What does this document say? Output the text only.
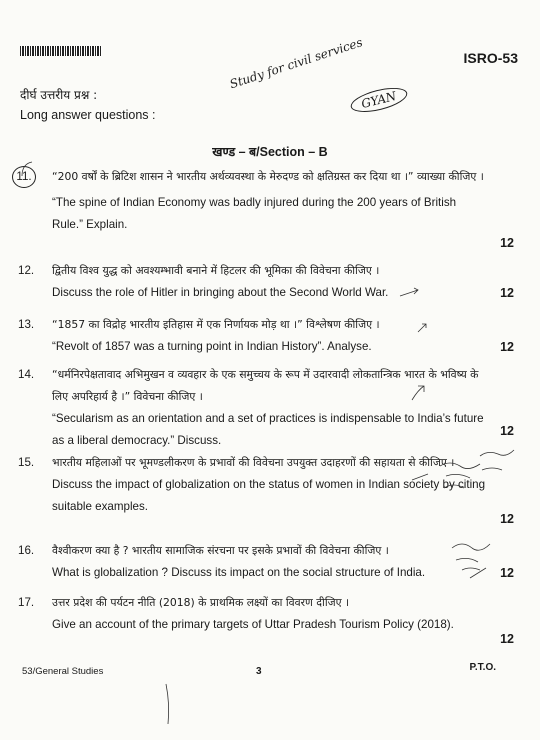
ISRO-53
दीर्घ उत्तरीय प्रश्न :
Long answer questions :
Study for civil services
GYAN
खण्ड – ब/Section – B
11.	“200 वर्षों के ब्रिटिश शासन ने भारतीय अर्थव्यवस्था के मेरुदण्ड को क्षतिग्रस्त कर दिया था ।” व्याख्या कीजिए ।
“The spine of Indian Economy was badly injured during the 200 years of British Rule.” Explain.
12
12.	द्वितीय विश्व युद्ध को अवश्यम्भावी बनाने में हिटलर की भूमिका की विवेचना कीजिए ।
Discuss the role of Hitler in bringing about the Second World War.	12
13.	“1857 का विद्रोह भारतीय इतिहास में एक निर्णायक मोड़ था ।” विश्लेषण कीजिए ।
“Revolt of 1857 was a turning point in Indian History”. Analyse.	12
14.	“धर्मनिरपेक्षतावाद अभिमुखन व व्यवहार के एक समुच्चय के रूप में उदारवादी लोकतान्त्रिक भारत के भविष्य के लिए अपरिहार्य है ।” विवेचना कीजिए ।
“Secularism as an orientation and a set of practices is indispensable to India’s future as a liberal democracy.” Discuss.
12
15.	भारतीय महिलाओं पर भूमण्डलीकरण के प्रभावों की विवेचना उपयुक्त उदाहरणों की सहायता से कीजिए ।
Discuss the impact of globalization on the status of women in Indian society by citing suitable examples.
12
16.	वैश्वीकरण क्या है ? भारतीय सामाजिक संरचना पर इसके प्रभावों की विवेचना कीजिए ।
What is globalization ? Discuss its impact on the social structure of India.	12
17.	उत्तर प्रदेश की पर्यटन नीति (2018) के प्राथमिक लक्ष्यों का विवरण दीजिए ।
Give an account of the primary targets of Uttar Pradesh Tourism Policy (2018).
12
53/General Studies	3	P.T.O.
